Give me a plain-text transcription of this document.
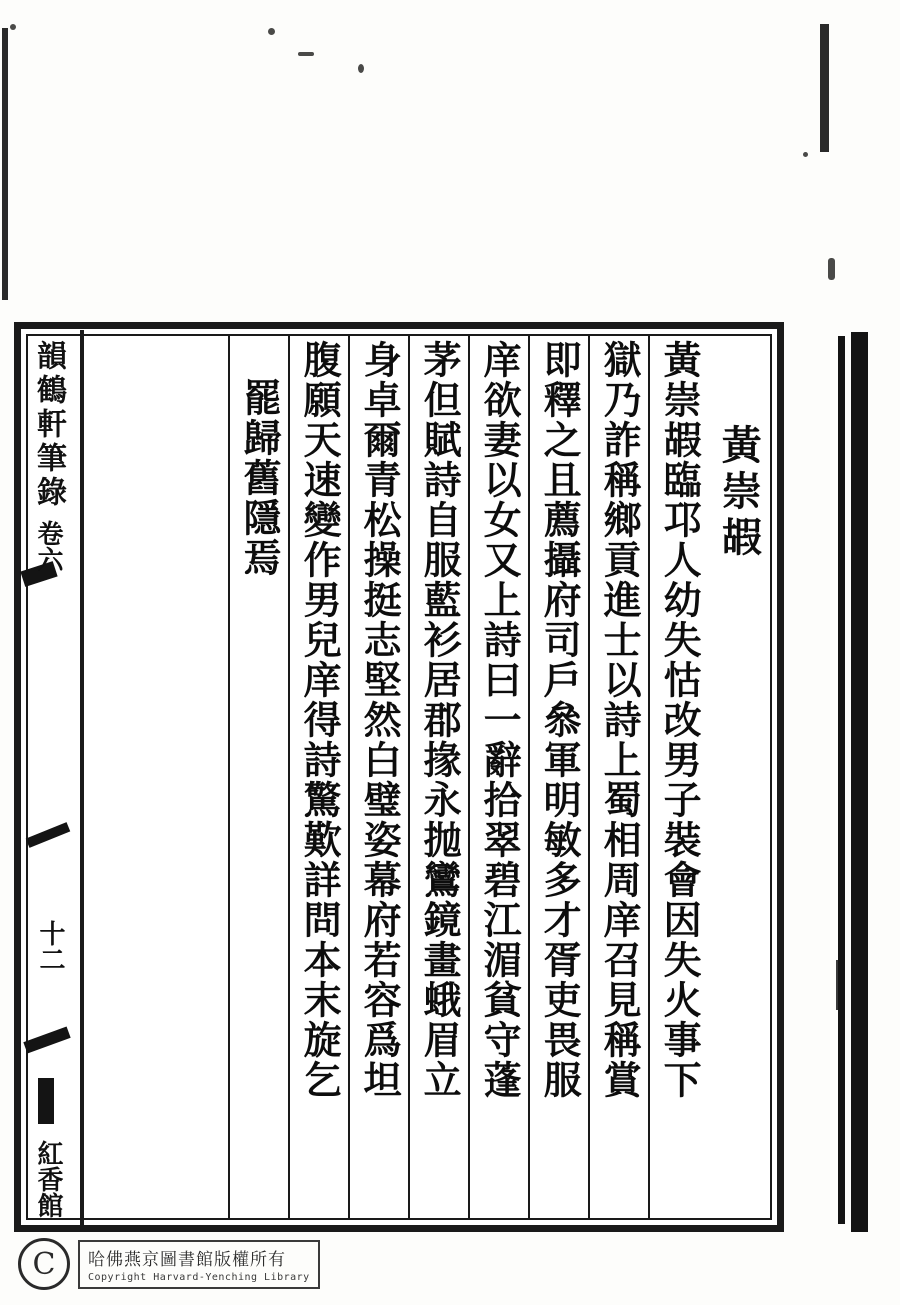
韻鶴軒筆錄
十二
紅香館
卷六	黃崇嘏
黃崇嘏臨邛人幼失怙改男子裝會因失火事下
獄乃詐稱鄉貢進士以詩上蜀相周庠召見稱賞
即釋之且薦攝府司戶叅軍明敏多才胥吏畏服
庠欲妻以女又上詩曰一辭拾翠碧江湄貧守蓬
茅但賦詩自服藍衫居郡掾永抛鸞鏡畫蛾眉立
身卓爾青松操挺志堅然白璧姿幕府若容爲坦
腹願天速變作男兒庠得詩驚歎詳問本末旋乞
罷歸舊隱焉
C	哈佛燕京圖書館版權所有
Copyright Harvard-Yenching Library
